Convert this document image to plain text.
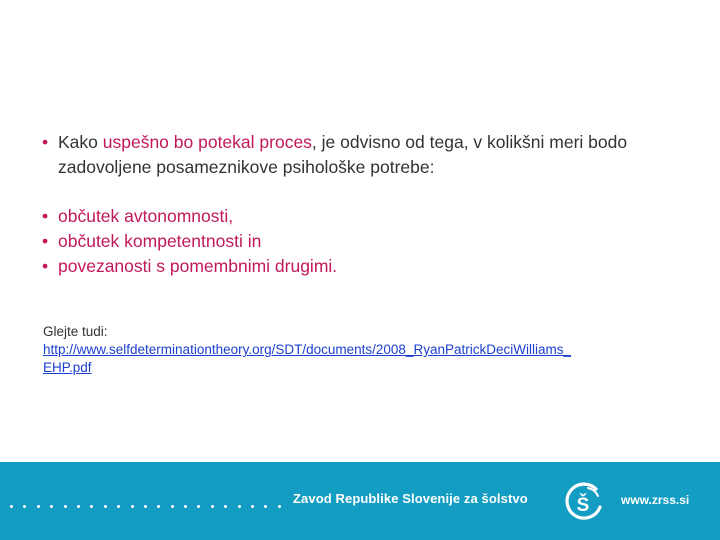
• Kako uspešno bo potekal proces, je odvisno od tega, v kolikšni meri bodo zadovoljene posameznikove psihološke potrebe:
• občutek avtonomnosti,
• občutek kompetentnosti in
• povezanosti s pomembnimi drugimi.
Glejte tudi:
http://www.selfdeterminationtheory.org/SDT/documents/2008_RyanPatrickDeciWilliams_
EHP.pdf
Zavod Republike Slovenije za šolstvo	Š	www.zrss.si
